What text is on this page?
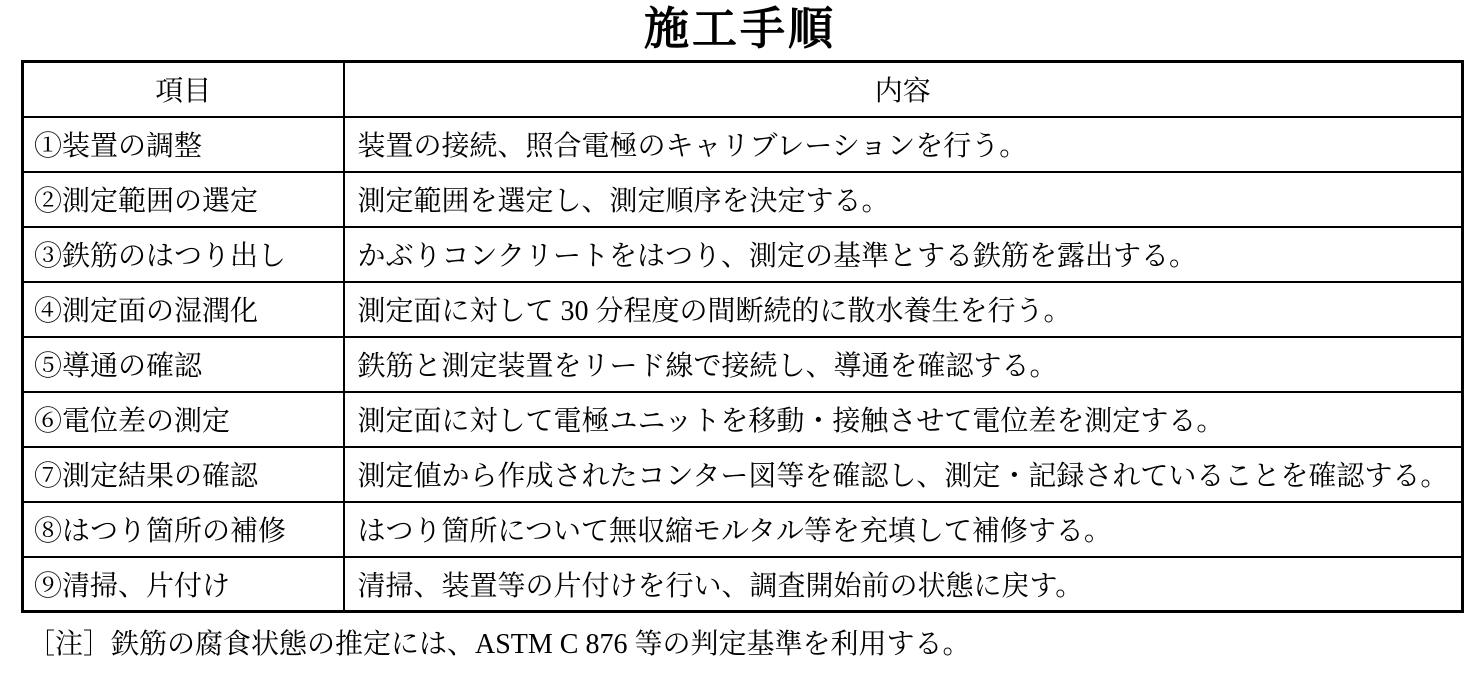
施工手順
項目	内容
①装置の調整	装置の接続、照合電極のキャリブレーションを行う。
②測定範囲の選定	測定範囲を選定し、測定順序を決定する。
③鉄筋のはつり出し	かぶりコンクリートをはつり、測定の基準とする鉄筋を露出する。
④測定面の湿潤化	測定面に対して 30 分程度の間断続的に散水養生を行う。
⑤導通の確認	鉄筋と測定装置をリード線で接続し、導通を確認する。
⑥電位差の測定	測定面に対して電極ユニットを移動・接触させて電位差を測定する。
⑦測定結果の確認	測定値から作成されたコンター図等を確認し、測定・記録されていることを確認する。
⑧はつり箇所の補修	はつり箇所について無収縮モルタル等を充填して補修する。
⑨清掃、片付け	清掃、装置等の片付けを行い、調査開始前の状態に戻す。

［注］鉄筋の腐食状態の推定には、ASTM C 876 等の判定基準を利用する。
